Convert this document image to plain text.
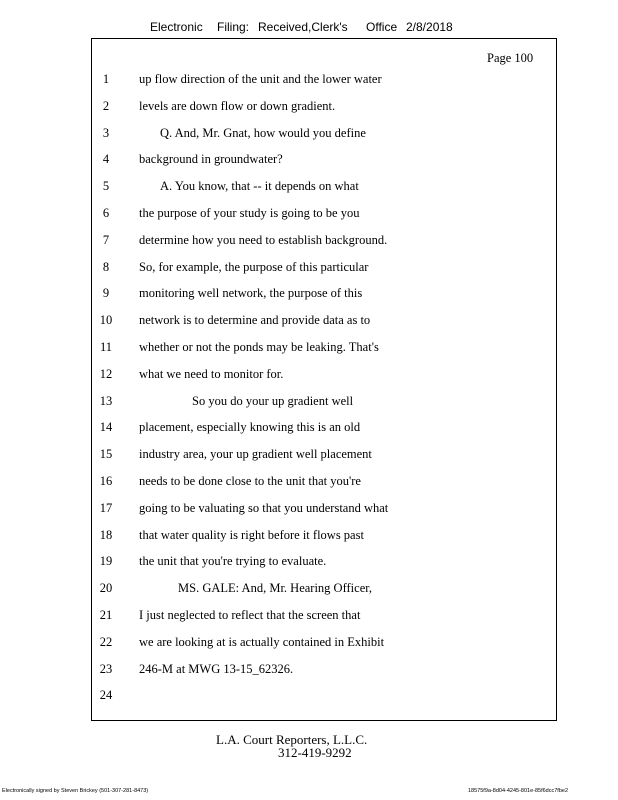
Electronic Filing: Received,Clerk's Office 2/8/2018
Page 100
1	up flow direction of the unit and the lower water
2	levels are down flow or down gradient.
3	Q. And, Mr. Gnat, how would you define
4	background in groundwater?
5	A. You know, that -- it depends on what
6	the purpose of your study is going to be you
7	determine how you need to establish background.
8	So, for example, the purpose of this particular
9	monitoring well network, the purpose of this
10	network is to determine and provide data as to
11	whether or not the ponds may be leaking. That's
12	what we need to monitor for.
13	So you do your up gradient well
14	placement, especially knowing this is an old
15	industry area, your up gradient well placement
16	needs to be done close to the unit that you're
17	going to be valuating so that you understand what
18	that water quality is right before it flows past
19	the unit that you're trying to evaluate.
20	MS. GALE: And, Mr. Hearing Officer,
21	I just neglected to reflect that the screen that
22	we are looking at is actually contained in Exhibit
23	246-M at MWG 13-15_62326.
24
L.A. Court Reporters, L.L.C.
312-419-9292
Electronically signed by Steven Brickey (501-307-281-8473)	18575f9a-8d04-4245-801e-85f6dcc7fbe2
